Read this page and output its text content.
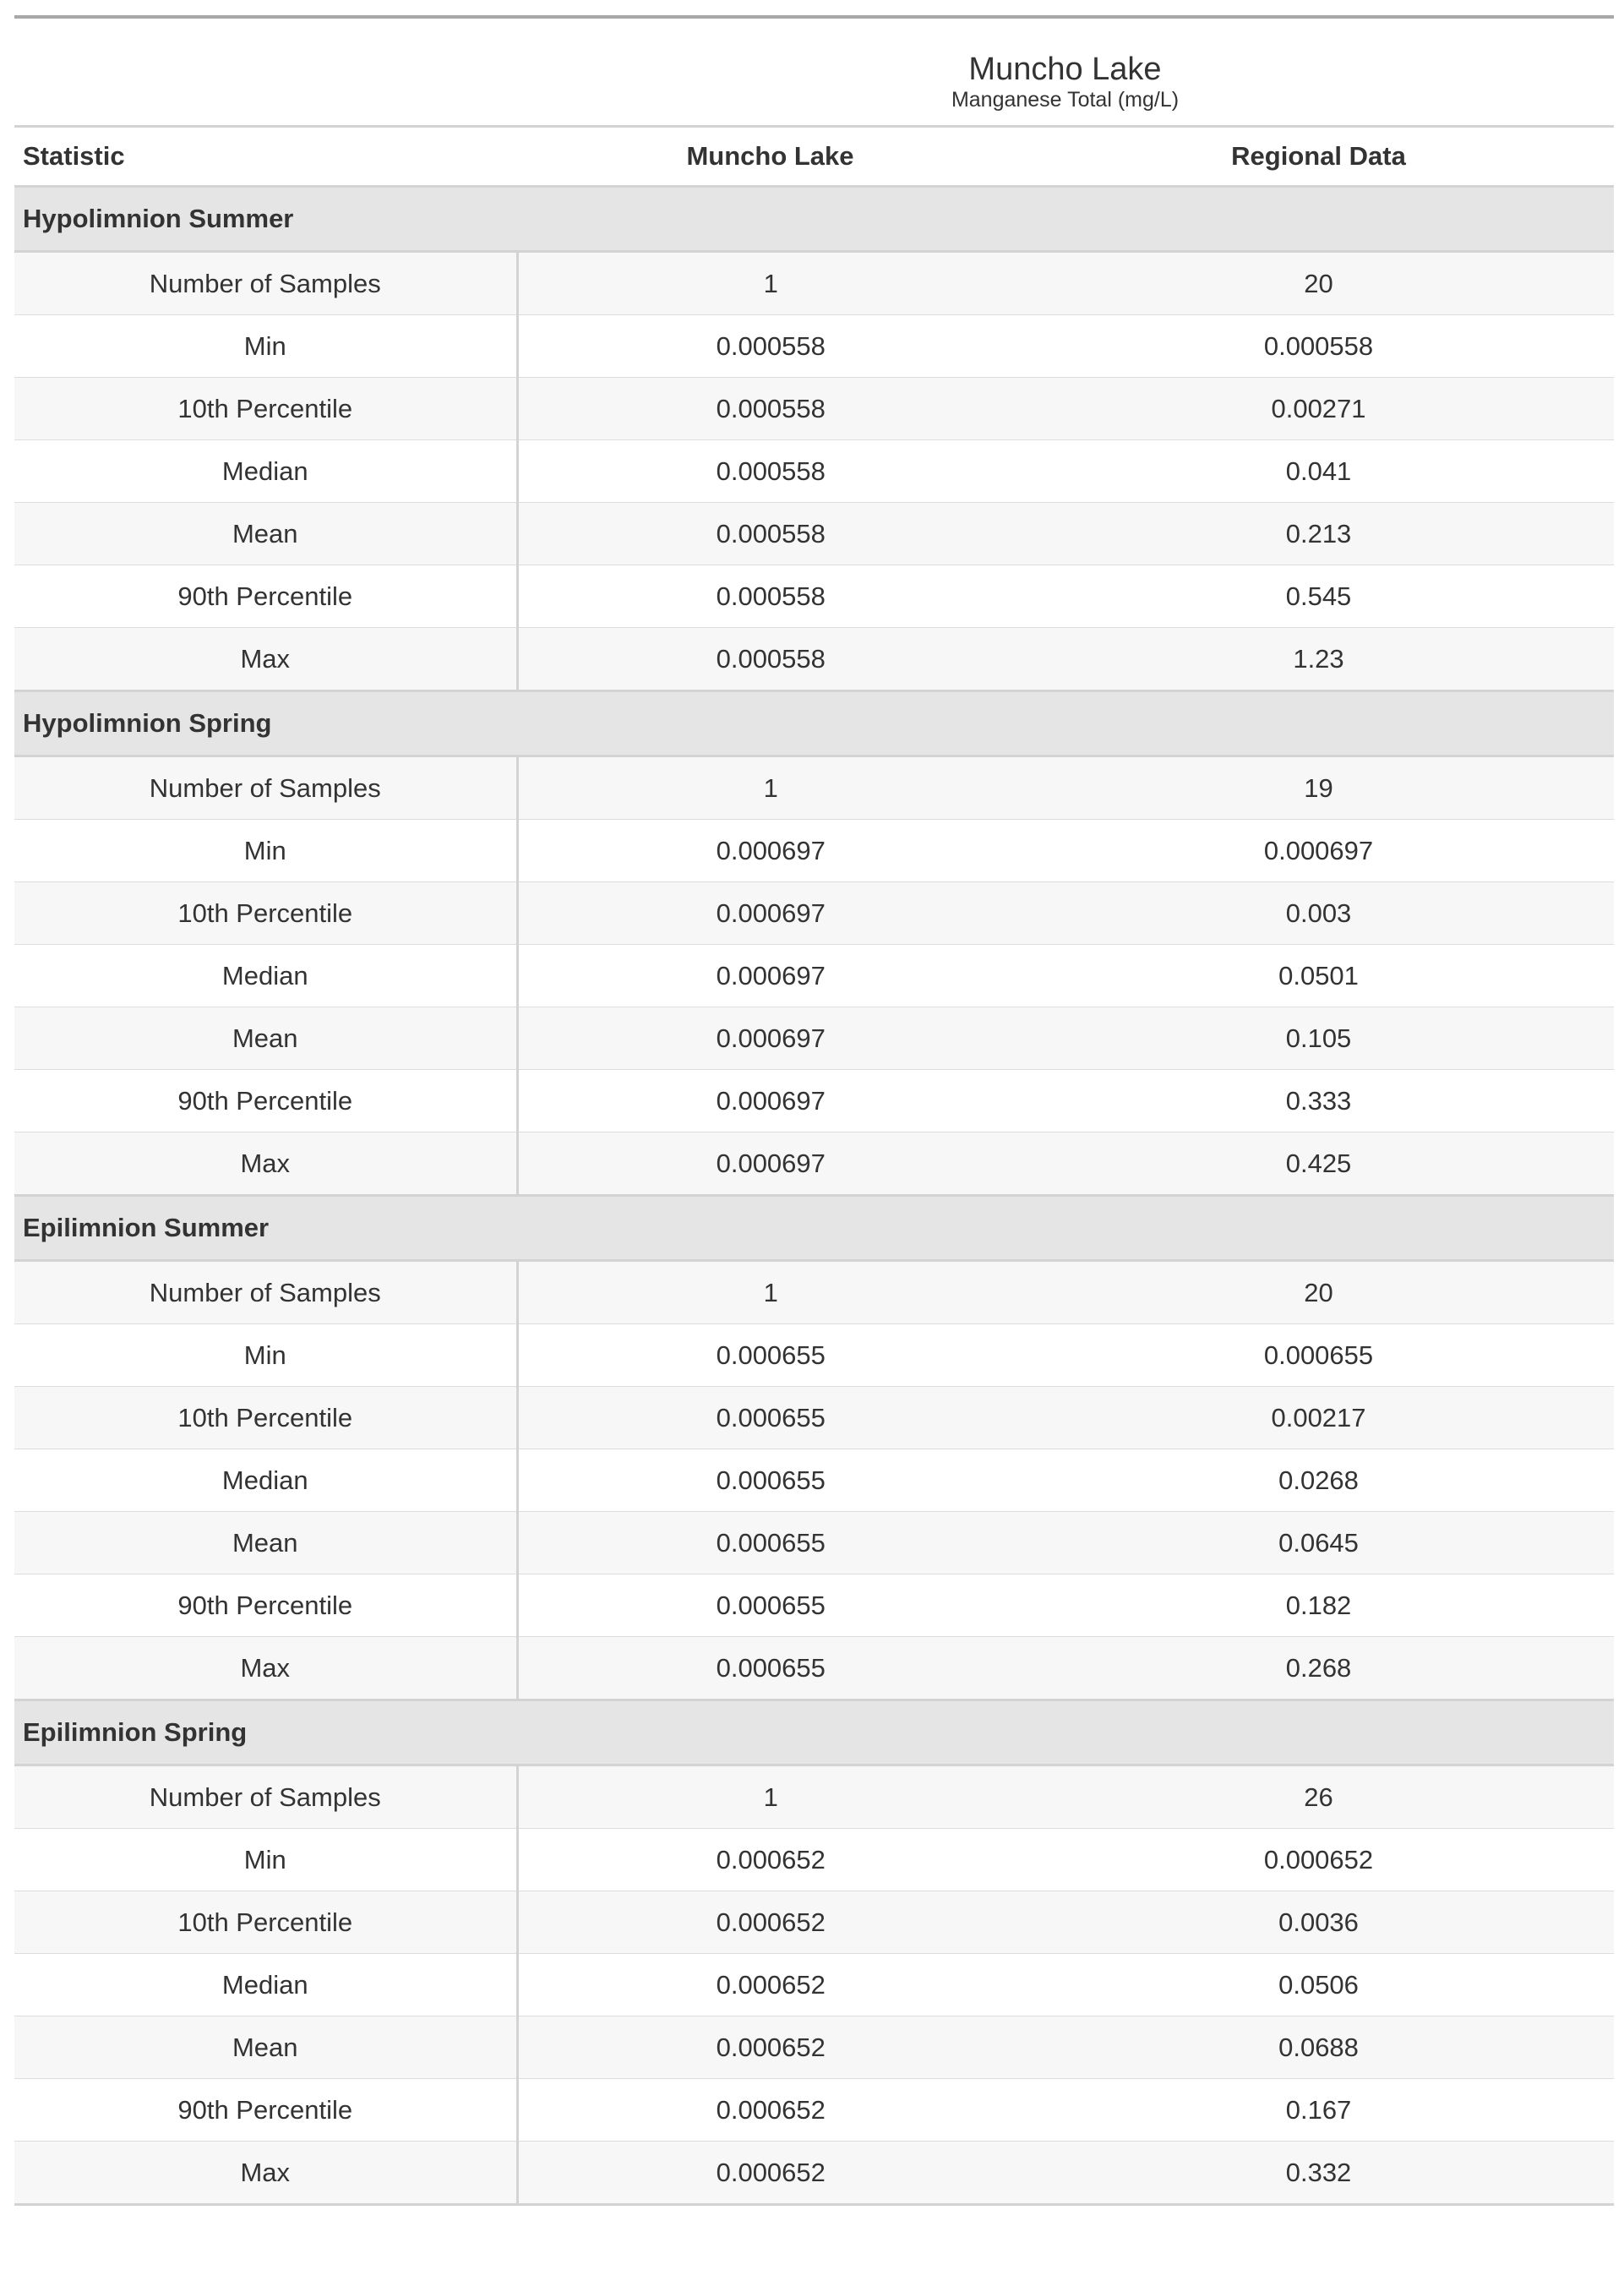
Muncho Lake		
Manganese Total (mg/L)		
Statistic	Muncho Lake	Regional Data
Hypolimnion Summer		
Number of Samples	1	20
Min	0.000558	0.000558
10th Percentile	0.000558	0.00271
Median	0.000558	0.041
Mean	0.000558	0.213
90th Percentile	0.000558	0.545
Max	0.000558	1.23
Hypolimnion Spring		
Number of Samples	1	19
Min	0.000697	0.000697
10th Percentile	0.000697	0.003
Median	0.000697	0.0501
Mean	0.000697	0.105
90th Percentile	0.000697	0.333
Max	0.000697	0.425
Epilimnion Summer		
Number of Samples	1	20
Min	0.000655	0.000655
10th Percentile	0.000655	0.00217
Median	0.000655	0.0268
Mean	0.000655	0.0645
90th Percentile	0.000655	0.182
Max	0.000655	0.268
Epilimnion Spring		
Number of Samples	1	26
Min	0.000652	0.000652
10th Percentile	0.000652	0.0036
Median	0.000652	0.0506
Mean	0.000652	0.0688
90th Percentile	0.000652	0.167
Max	0.000652	0.332
